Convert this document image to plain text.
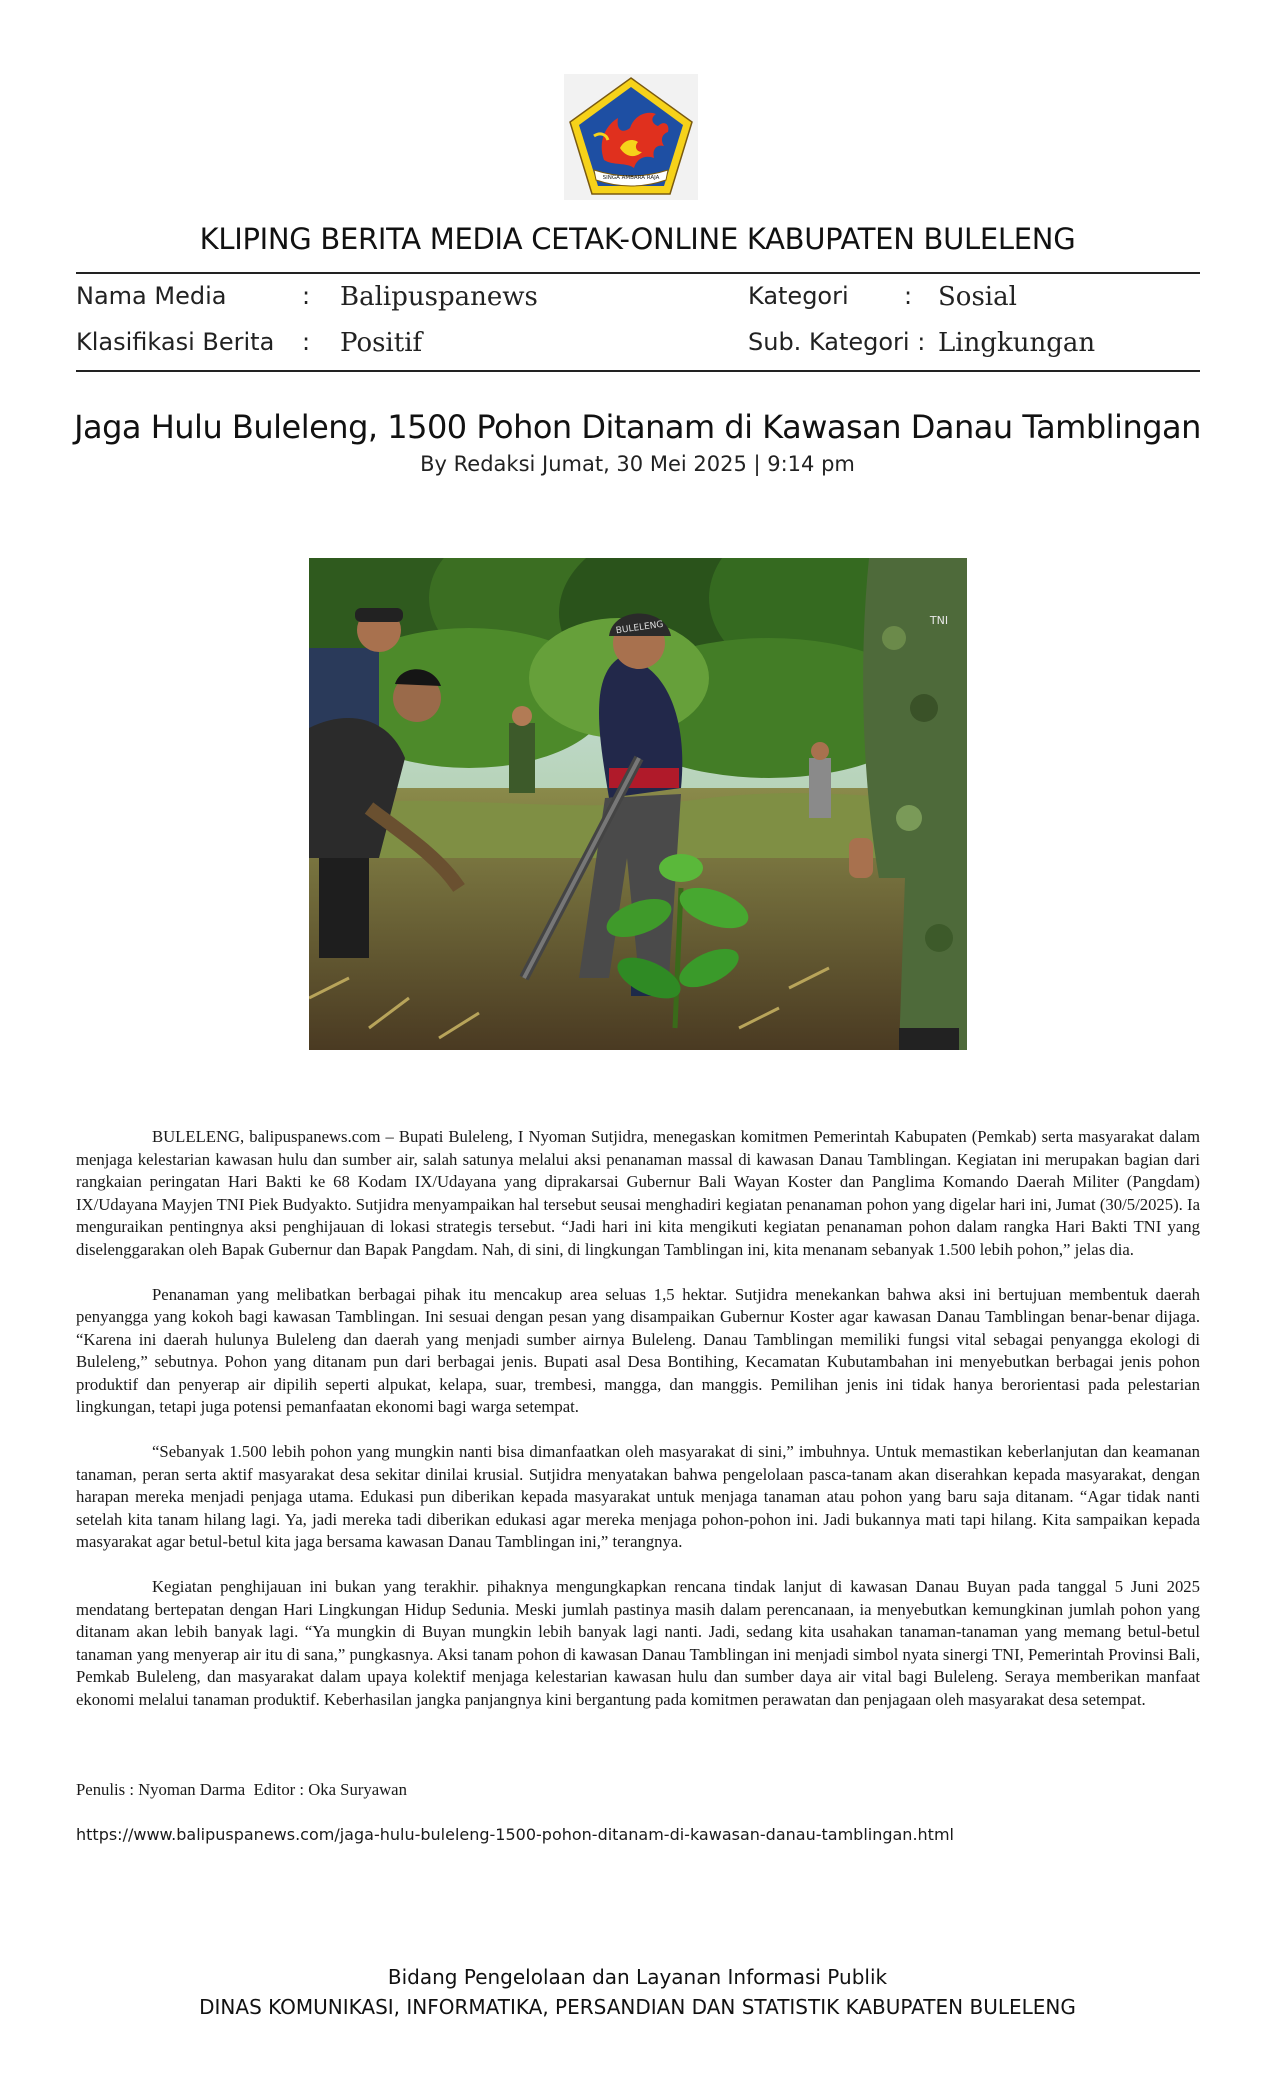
SINGA AMBARA RAJA
KLIPING BERITA MEDIA CETAK-ONLINE KABUPATEN BULELENG
Nama Media	: Balipuspanews
Klasifikasi Berita : Positif
Kategori : Sosial
Sub. Kategori : Lingkungan
Jaga Hulu Buleleng, 1500 Pohon Ditanam di Kawasan Danau Tamblingan
By Redaksi Jumat, 30 Mei 2025 | 9:14 pm
BULELENG	TNI

BULELENG, balipuspanews.com – Bupati Buleleng, I Nyoman Sutjidra, menegaskan komitmen Pemerintah Kabupaten (Pemkab) serta masyarakat dalam menjaga kelestarian kawasan hulu dan sumber air, salah satunya melalui aksi penanaman massal di kawasan Danau Tamblingan. Kegiatan ini merupakan bagian dari rangkaian peringatan Hari Bakti ke 68 Kodam IX/Udayana yang diprakarsai Gubernur Bali Wayan Koster dan Panglima Komando Daerah Militer (Pangdam) IX/Udayana Mayjen TNI Piek Budyakto. Sutjidra menyampaikan hal tersebut seusai menghadiri kegiatan penanaman pohon yang digelar hari ini, Jumat (30/5/2025). Ia menguraikan pentingnya aksi penghijauan di lokasi strategis tersebut. “Jadi hari ini kita mengikuti kegiatan penanaman pohon dalam rangka Hari Bakti TNI yang diselenggarakan oleh Bapak Gubernur dan Bapak Pangdam. Nah, di sini, di lingkungan Tamblingan ini, kita menanam sebanyak 1.500 lebih pohon,” jelas dia.

Penanaman yang melibatkan berbagai pihak itu mencakup area seluas 1,5 hektar. Sutjidra menekankan bahwa aksi ini bertujuan membentuk daerah penyangga yang kokoh bagi kawasan Tamblingan. Ini sesuai dengan pesan yang disampaikan Gubernur Koster agar kawasan Danau Tamblingan benar-benar dijaga. “Karena ini daerah hulunya Buleleng dan daerah yang menjadi sumber airnya Buleleng. Danau Tamblingan memiliki fungsi vital sebagai penyangga ekologi di Buleleng,” sebutnya. Pohon yang ditanam pun dari berbagai jenis. Bupati asal Desa Bontihing, Kecamatan Kubutambahan ini menyebutkan berbagai jenis pohon produktif dan penyerap air dipilih seperti alpukat, kelapa, suar, trembesi, mangga, dan manggis. Pemilihan jenis ini tidak hanya berorientasi pada pelestarian lingkungan, tetapi juga potensi pemanfaatan ekonomi bagi warga setempat.

“Sebanyak 1.500 lebih pohon yang mungkin nanti bisa dimanfaatkan oleh masyarakat di sini,” imbuhnya. Untuk memastikan keberlanjutan dan keamanan tanaman, peran serta aktif masyarakat desa sekitar dinilai krusial. Sutjidra menyatakan bahwa pengelolaan pasca-tanam akan diserahkan kepada masyarakat, dengan harapan mereka menjadi penjaga utama. Edukasi pun diberikan kepada masyarakat untuk menjaga tanaman atau pohon yang baru saja ditanam. “Agar tidak nanti setelah kita tanam hilang lagi. Ya, jadi mereka tadi diberikan edukasi agar mereka menjaga pohon-pohon ini. Jadi bukannya mati tapi hilang. Kita sampaikan kepada masyarakat agar betul-betul kita jaga bersama kawasan Danau Tamblingan ini,” terangnya.

Kegiatan penghijauan ini bukan yang terakhir. pihaknya mengungkapkan rencana tindak lanjut di kawasan Danau Buyan pada tanggal 5 Juni 2025 mendatang bertepatan dengan Hari Lingkungan Hidup Sedunia. Meski jumlah pastinya masih dalam perencanaan, ia menyebutkan kemungkinan jumlah pohon yang ditanam akan lebih banyak lagi. “Ya mungkin di Buyan mungkin lebih banyak lagi nanti. Jadi, sedang kita usahakan tanaman-tanaman yang memang betul-betul tanaman yang menyerap air itu di sana,” pungkasnya. Aksi tanam pohon di kawasan Danau Tamblingan ini menjadi simbol nyata sinergi TNI, Pemerintah Provinsi Bali, Pemkab Buleleng, dan masyarakat dalam upaya kolektif menjaga kelestarian kawasan hulu dan sumber daya air vital bagi Buleleng. Seraya memberikan manfaat ekonomi melalui tanaman produktif. Keberhasilan jangka panjangnya kini bergantung pada komitmen perawatan dan penjagaan oleh masyarakat desa setempat.

Penulis : Nyoman Darma  Editor : Oka Suryawan
https://www.balipuspanews.com/jaga-hulu-buleleng-1500-pohon-ditanam-di-kawasan-danau-tamblingan.html
Bidang Pengelolaan dan Layanan Informasi Publik
DINAS KOMUNIKASI, INFORMATIKA, PERSANDIAN DAN STATISTIK KABUPATEN BULELENG
